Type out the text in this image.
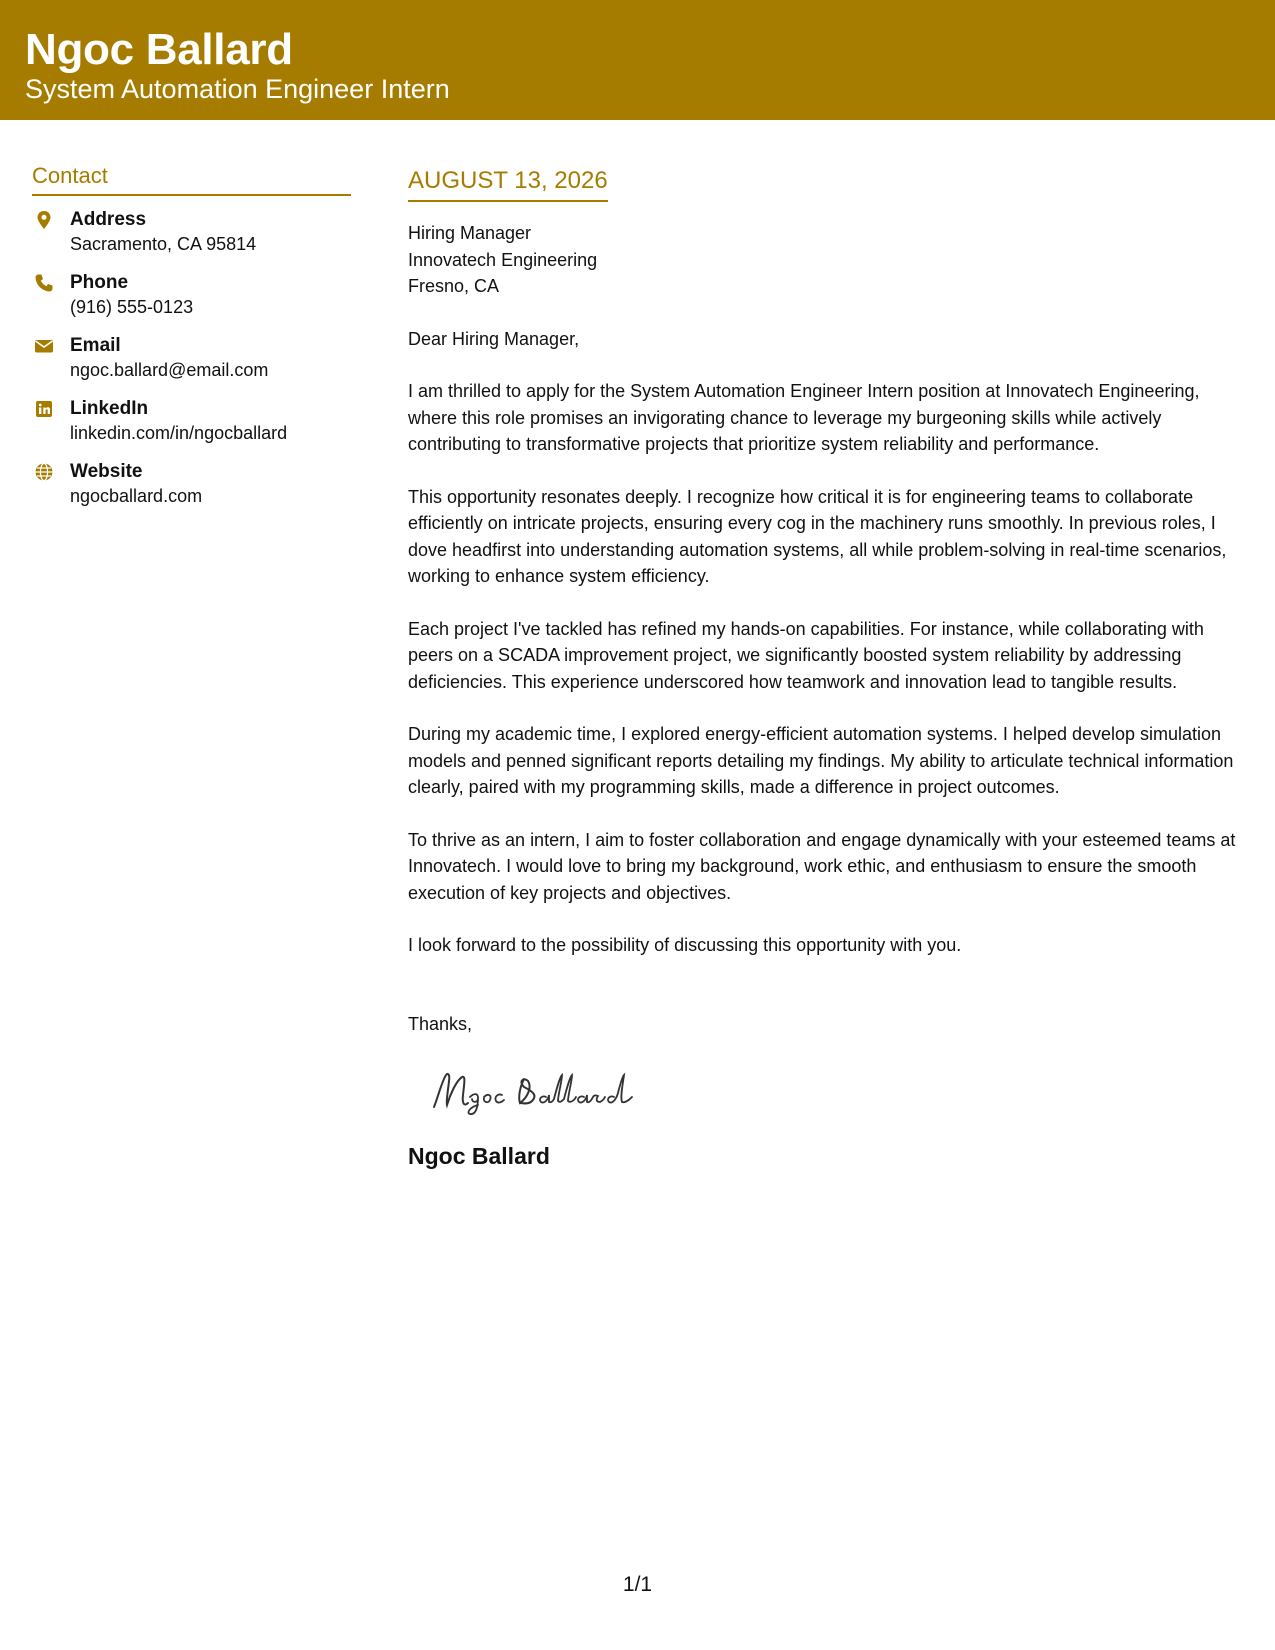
Ngoc Ballard
System Automation Engineer Intern
Contact
Address
Sacramento, CA 95814
Phone
(916) 555-0123
Email
ngoc.ballard@email.com
LinkedIn
linkedin.com/in/ngocballard
Website
ngocballard.com
AUGUST 13, 2026
Hiring Manager
Innovatech Engineering
Fresno, CA
Dear Hiring Manager,
I am thrilled to apply for the System Automation Engineer Intern position at Innovatech Engineering, where this role promises an invigorating chance to leverage my burgeoning skills while actively contributing to transformative projects that prioritize system reliability and performance.
This opportunity resonates deeply. I recognize how critical it is for engineering teams to collaborate efficiently on intricate projects, ensuring every cog in the machinery runs smoothly. In previous roles, I dove headfirst into understanding automation systems, all while problem-solving in real-time scenarios, working to enhance system efficiency.
Each project I've tackled has refined my hands-on capabilities. For instance, while collaborating with peers on a SCADA improvement project, we significantly boosted system reliability by addressing deficiencies. This experience underscored how teamwork and innovation lead to tangible results.
During my academic time, I explored energy-efficient automation systems. I helped develop simulation models and penned significant reports detailing my findings. My ability to articulate technical information clearly, paired with my programming skills, made a difference in project outcomes.
To thrive as an intern, I aim to foster collaboration and engage dynamically with your esteemed teams at Innovatech. I would love to bring my background, work ethic, and enthusiasm to ensure the smooth execution of key projects and objectives.
I look forward to the possibility of discussing this opportunity with you.
Thanks,
Ngoc Ballard
1/1
